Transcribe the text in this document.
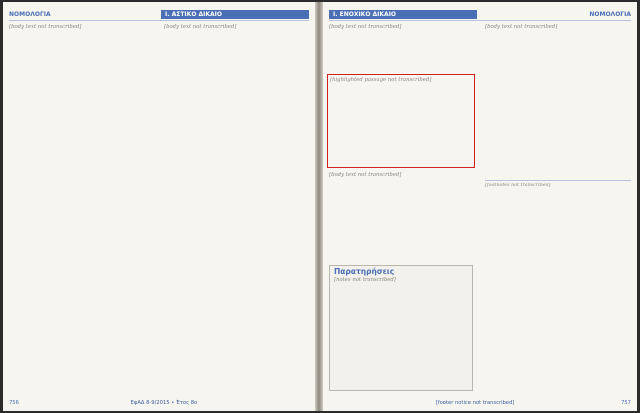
ΝΟΜΟΛΟΓΙΑ	Ι. ΑΣΤΙΚΟ ΔΙΚΑΙΟ
[body text not transcribed]	[body text not transcribed]
756	ΕφΑΔ 8-9/2015 • Έτος 8ο
Ι. ΕΝΟΧΙΚΟ ΔΙΚΑΙΟ	ΝΟΜΟΛΟΓΙΑ
[body text not transcribed]
[highlighted passage not transcribed]
[body text not transcribed]
Παρατηρήσεις
[notes not transcribed]
[body text not transcribed]
[footnotes not transcribed]
[footer notice not transcribed]	757
